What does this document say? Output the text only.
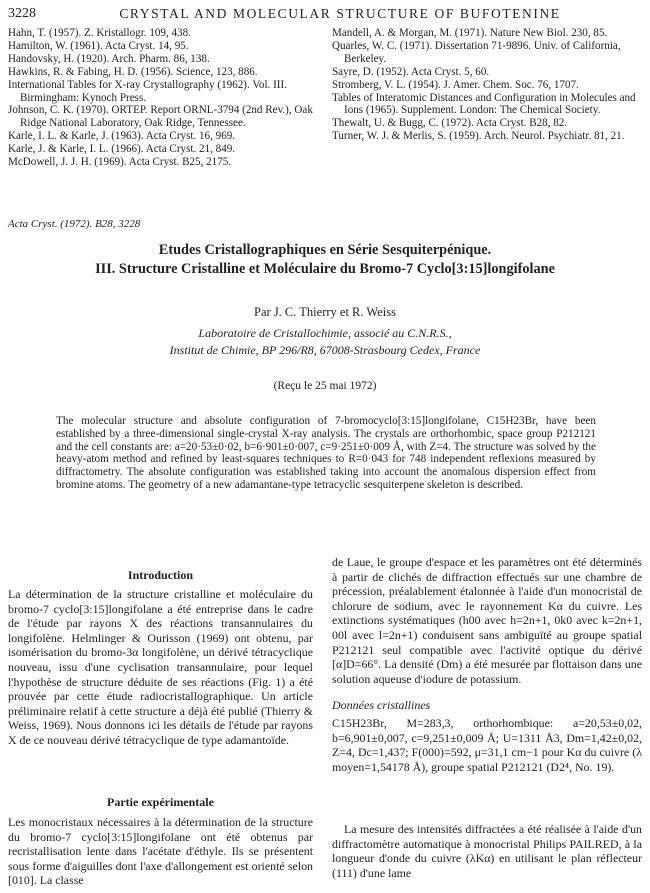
3228	CRYSTAL AND MOLECULAR STRUCTURE OF BUFOTENINE
Hahn, T. (1957). Z. Kristallogr. 109, 438.
Hamilton, W. (1961). Acta Cryst. 14, 95.
Handovsky, H. (1920). Arch. Pharm. 86, 138.
Hawkins, R. & Fabing, H. D. (1956). Science, 123, 886.
International Tables for X-ray Crystallography (1962). Vol. III. Birmingham: Kynoch Press.
Johnson, C. K. (1970). ORTEP. Report ORNL-3794 (2nd Rev.), Oak Ridge National Laboratory, Oak Ridge, Tennessee.
Karle, I. L. & Karle, J. (1963). Acta Cryst. 16, 969.
Karle, J. & Karle, I. L. (1966). Acta Cryst. 21, 849.
McDowell, J. J. H. (1969). Acta Cryst. B25, 2175.
Mandell, A. & Morgan, M. (1971). Nature New Biol. 230, 85.
Quarles, W. C. (1971). Dissertation 71-9896. Univ. of California, Berkeley.
Sayre, D. (1952). Acta Cryst. 5, 60.
Stromberg, V. L. (1954). J. Amer. Chem. Soc. 76, 1707.
Tables of Interatomic Distances and Configuration in Molecules and Ions (1965). Supplement. London: The Chemical Society.
Thewalt, U. & Bugg, C. (1972). Acta Cryst. B28, 82.
Turner, W. J. & Merlis, S. (1959). Arch. Neurol. Psychiatr. 81, 21.
Acta Cryst. (1972). B28, 3228
Etudes Cristallographiques en Série Sesquiterpénique.
III. Structure Cristalline et Moléculaire du Bromo-7 Cyclo[3:15]longifolane
Par J. C. Thierry et R. Weiss
Laboratoire de Cristallochimie, associé au C.N.R.S.,
Institut de Chimie, BP 296/R8, 67008-Strasbourg Cedex, France
(Reçu le 25 mai 1972)
The molecular structure and absolute configuration of 7-bromocyclo[3:15]longifolane, C15H23Br, have been established by a three-dimensional single-crystal X-ray analysis. The crystals are orthorhombic, space group P212121 and the cell constants are: a=20·53±0·02, b=6·901±0·007, c=9·251±0·009 Å, with Z=4. The structure was solved by the heavy-atom method and refined by least-squares techniques to R=0·043 for 748 independent reflexions measured by diffractometry. The absolute configuration was established taking into account the anomalous dispersion effect from bromine atoms. The geometry of a new adamantane-type tetracyclic sesquiterpene skeleton is described.
Introduction
La détermination de la structure cristalline et moléculaire du bromo-7 cyclo[3:15]longifolane a été entreprise dans le cadre de l'étude par rayons X des réactions transannulaires du longifolène. Helmlinger & Ourisson (1969) ont obtenu, par isomérisation du bromo-3α longifolène, un dérivé tétracyclique nouveau, issu d'une cyclisation transannulaire, pour lequel l'hypothèse de structure déduite de ses réactions (Fig. 1) a été prouvée par cette étude radiocristallographique. Un article préliminaire relatif à cette structure a déjà été publié (Thierry & Weiss, 1969). Nous donnons ici les détails de l'étude par rayons X de ce nouveau dérivé tétracyclique de type adamantoïde.
Partie expérimentale
Les monocristaux nécessaires à la détermination de la structure du bromo-7 cyclo[3:15]longifolane ont été obtenus par recristallisation lente dans l'acétate d'éthyle. Ils se présentent sous forme d'aiguilles dont l'axe d'allongement est orienté selon [010]. La classe
de Laue, le groupe d'espace et les paramètres ont été déterminés à partir de clichés de diffraction effectués sur une chambre de précession, préalablement étalonnée à l'aide d'un monocristal de chlorure de sodium, avec le rayonnement Kα du cuivre. Les extinctions systématiques (h00 avec h=2n+1, 0k0 avec k=2n+1, 00l avec l=2n+1) conduisent sans ambiguïté au groupe spatial P212121 seul compatible avec l'activité optique du dérivé [α]D=66°. La densité (Dm) a été mesurée par flottaison dans une solution aqueuse d'iodure de potassium.
Données cristallines
C15H23Br, M=283,3, orthorhombique: a=20,53±0,02, b=6,901±0,007, c=9,251±0,009 Å; U=1311 Å3, Dm=1,42±0,02, Z=4, Dc=1,437; F(000)=592, μ=31,1 cm−1 pour Kα du cuivre (λ moyen=1,54178 Å), groupe spatial P212121 (D2⁴, No. 19).
La mesure des intensités diffractées a été réalisée à l'aide d'un diffractomètre automatique à monocristal Philips PAILRED, à la longueur d'onde du cuivre (λKα) en utilisant le plan réflecteur (111) d'une lame
